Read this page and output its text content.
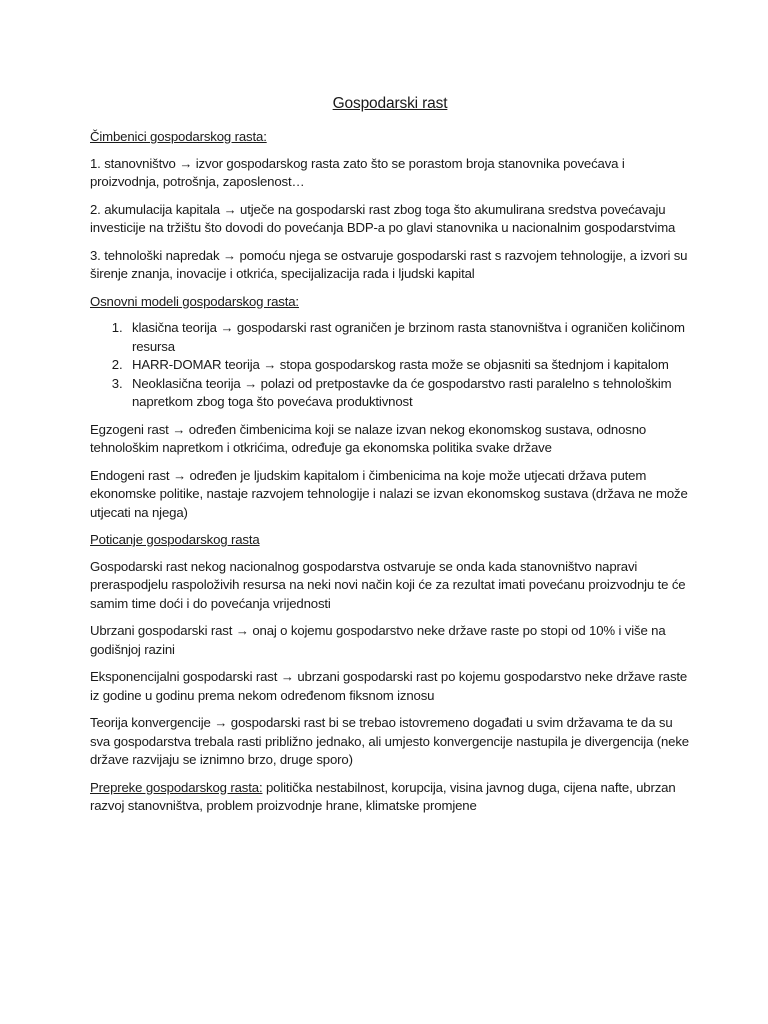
Gospodarski rast
Čimbenici gospodarskog rasta:

1. stanovništvo → izvor gospodarskog rasta zato što se porastom broja stanovnika povećava i proizvodnja, potrošnja, zaposlenost…

2. akumulacija kapitala → utječe na gospodarski rast zbog toga što akumulirana sredstva povećavaju investicije na tržištu što dovodi do povećanja BDP-a po glavi stanovnika u nacionalnim gospodarstvima

3. tehnološki napredak → pomoću njega se ostvaruje gospodarski rast s razvojem tehnologije, a izvori su širenje znanja, inovacije i otkrića, specijalizacija rada i ljudski kapital

Osnovni modeli gospodarskog rasta:
1. klasična teorija → gospodarski rast ograničen je brzinom rasta stanovništva i ograničen količinom resursa
2. HARR-DOMAR teorija → stopa gospodarskog rasta može se objasniti sa štednjom i kapitalom
3. Neoklasična teorija → polazi od pretpostavke da će gospodarstvo rasti paralelno s tehnološkim napretkom zbog toga što povećava produktivnost

Egzogeni rast → određen čimbenicima koji se nalaze izvan nekog ekonomskog sustava, odnosno tehnološkim napretkom i otkrićima, određuje ga ekonomska politika svake države

Endogeni rast → određen je ljudskim kapitalom i čimbenicima na koje može utjecati država putem ekonomske politike, nastaje razvojem tehnologije i nalazi se izvan ekonomskog sustava (država ne može utjecati na njega)

Poticanje gospodarskog rasta

Gospodarski rast nekog nacionalnog gospodarstva ostvaruje se onda kada stanovništvo napravi preraspodjelu raspoloživih resursa na neki novi način koji će za rezultat imati povećanu proizvodnju te će samim time doći i do povećanja vrijednosti

Ubrzani gospodarski rast → onaj o kojemu gospodarstvo neke države raste po stopi od 10% i više na godišnjoj razini

Eksponencijalni gospodarski rast → ubrzani gospodarski rast po kojemu gospodarstvo neke države raste iz godine u godinu prema nekom određenom fiksnom iznosu

Teorija konvergencije → gospodarski rast bi se trebao istovremeno događati u svim državama te da su sva gospodarstva trebala rasti približno jednako, ali umjesto konvergencije nastupila je divergencija (neke države razvijaju se iznimno brzo, druge sporo)

Prepreke gospodarskog rasta: politička nestabilnost, korupcija, visina javnog duga, cijena nafte, ubrzan razvoj stanovništva, problem proizvodnje hrane, klimatske promjene
